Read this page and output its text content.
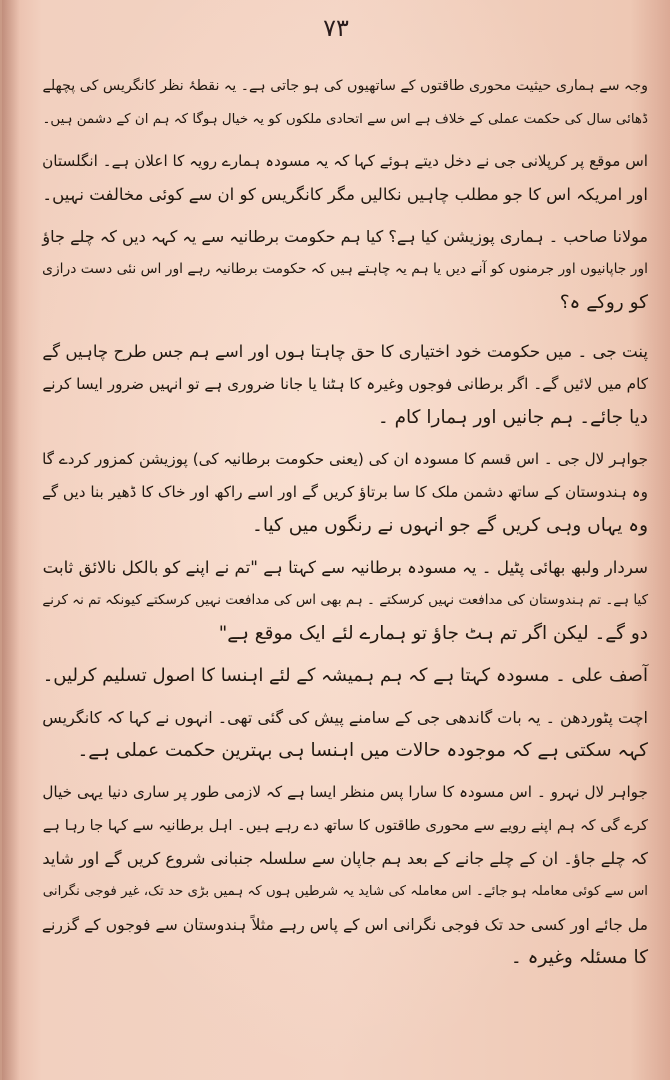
۷۳
وجہ سے ہماری حیثیت محوری طاقتوں کے ساتھیوں کی ہو جاتی ہے۔ یہ نقطۂ نظر کانگریس کی پچھلے
ڈھائی سال کی حکمت عملی کے خلاف ہے اس سے اتحادی ملکوں کو یہ خیال ہوگا کہ ہم ان کے دشمن ہیں۔
اس موقع پر کرپلانی جی نے دخل دیتے ہوئے کہا کہ یہ مسودہ ہمارے رویہ کا اعلان ہے۔ انگلستان
اور امریکہ اس کا جو مطلب چاہیں نکالیں مگر کانگریس کو ان سے کوئی مخالفت نہیں۔
مولانا صاحب ۔ ہماری پوزیشن کیا ہے؟ کیا ہم حکومت برطانیہ سے یہ کہہ دیں کہ چلے جاؤ
اور جاپانیوں اور جرمنوں کو آنے دیں یا ہم یہ چاہتے ہیں کہ حکومت برطانیہ رہے اور اس نئی دست درازی
کو روکے ہ؟
پنت جی ۔ میں حکومت خود اختیاری کا حق چاہتا ہوں اور اسے ہم جس طرح چاہیں گے
کام میں لائیں گے۔ اگر برطانی فوجوں وغیرہ کا ہٹنا یا جانا ضروری ہے تو انہیں ضرور ایسا کرنے
دیا جائے۔ ہم جانیں اور ہمارا کام ۔
جواہر لال جی ۔ اس قسم کا مسودہ ان کی (یعنی حکومت برطانیہ کی) پوزیشن کمزور کردے گا
وہ ہندوستان کے ساتھ دشمن ملک کا سا برتاؤ کریں گے اور اسے راکھ اور خاک کا ڈھیر بنا دیں گے
وہ یہاں وہی کریں گے جو انہوں نے رنگوں میں کیا۔
سردار ولبھ بھائی پٹیل ۔ یہ مسودہ برطانیہ سے کہتا ہے "تم نے اپنے کو بالکل نالائق ثابت
کیا ہے۔ تم ہندوستان کی مدافعت نہیں کرسکتے ۔ ہم بھی اس کی مدافعت نہیں کرسکتے کیونکہ تم نہ کرنے
دو گے۔ لیکن اگر تم ہٹ جاؤ تو ہمارے لئے ایک موقع ہے"
آصف علی ۔ مسودہ کہتا ہے کہ ہم ہمیشہ کے لئے اہنسا کا اصول تسلیم کرلیں۔
اچت پٹوردھن ۔ یہ بات گاندھی جی کے سامنے پیش کی گئی تھی۔ انہوں نے کہا کہ کانگریس
کہہ سکتی ہے کہ موجودہ حالات میں اہنسا ہی بہترین حکمت عملی ہے۔
جواہر لال نہرو ۔ اس مسودہ کا سارا پس منظر ایسا ہے کہ لازمی طور پر ساری دنیا یہی خیال
کرے گی کہ ہم اپنے رویے سے محوری طاقتوں کا ساتھ دے رہے ہیں۔ اہل برطانیہ سے کہا جا رہا ہے
کہ چلے جاؤ۔ ان کے چلے جانے کے بعد ہم جاپان سے سلسلہ جنبانی شروع کریں گے اور شاید
اس سے کوئی معاملہ ہو جائے۔ اس معاملہ کی شاید یہ شرطیں ہوں کہ ہمیں بڑی حد تک، غیر فوجی نگرانی
مل جائے اور کسی حد تک فوجی نگرانی اس کے پاس رہے مثلاً ہندوستان سے فوجوں کے گزرنے
کا مسئلہ وغیرہ ۔
